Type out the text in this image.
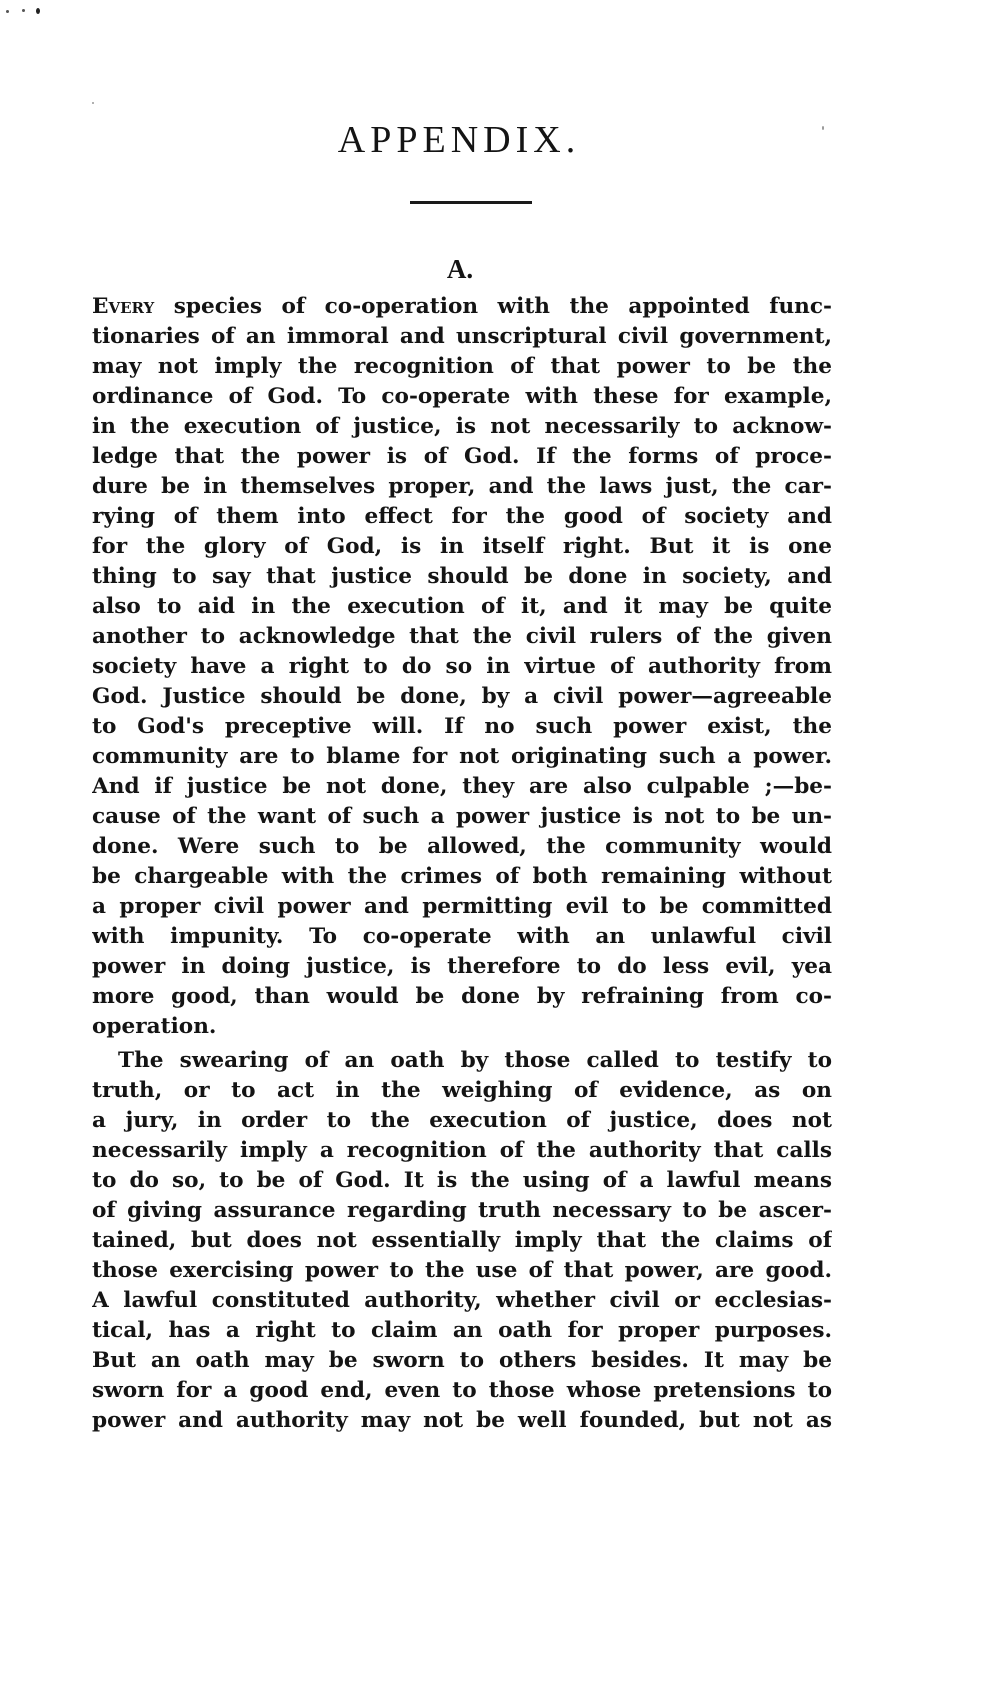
APPENDIX.
A.
Every species of co-operation with the appointed func-
tionaries of an immoral and unscriptural civil government,
may not imply the recognition of that power to be the
ordinance of God. To co-operate with these for example,
in the execution of justice, is not necessarily to acknow-
ledge that the power is of God. If the forms of proce-
dure be in themselves proper, and the laws just, the car-
rying of them into effect for the good of society and
for the glory of God, is in itself right. But it is one
thing to say that justice should be done in society, and
also to aid in the execution of it, and it may be quite
another to acknowledge that the civil rulers of the given
society have a right to do so in virtue of authority from
God. Justice should be done, by a civil power—agreeable
to God's preceptive will. If no such power exist, the
community are to blame for not originating such a power.
And if justice be not done, they are also culpable ;—be-
cause of the want of such a power justice is not to be un-
done. Were such to be allowed, the community would
be chargeable with the crimes of both remaining without
a proper civil power and permitting evil to be committed
with impunity. To co-operate with an unlawful civil
power in doing justice, is therefore to do less evil, yea
more good, than would be done by refraining from co-
operation.
The swearing of an oath by those called to testify to
truth, or to act in the weighing of evidence, as on
a jury, in order to the execution of justice, does not
necessarily imply a recognition of the authority that calls
to do so, to be of God. It is the using of a lawful means
of giving assurance regarding truth necessary to be ascer-
tained, but does not essentially imply that the claims of
those exercising power to the use of that power, are good.
A lawful constituted authority, whether civil or ecclesias-
tical, has a right to claim an oath for proper purposes.
But an oath may be sworn to others besides. It may be
sworn for a good end, even to those whose pretensions to
power and authority may not be well founded, but not as
